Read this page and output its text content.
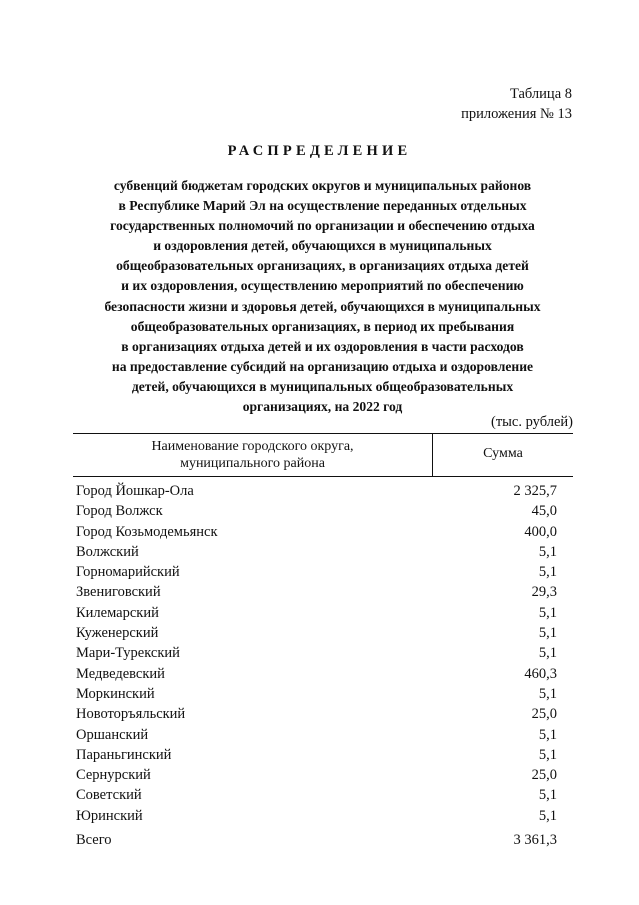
Таблица 8
приложения № 13
РАСПРЕДЕЛЕНИЕ
субвенций бюджетам городских округов и муниципальных районов
в Республике Марий Эл на осуществление переданных отдельных
государственных полномочий по организации и обеспечению отдыха
и оздоровления детей, обучающихся в муниципальных
общеобразовательных организациях, в организациях отдыха детей
и их оздоровления, осуществлению мероприятий по обеспечению
безопасности жизни и здоровья детей, обучающихся в муниципальных
общеобразовательных организациях, в период их пребывания
в организациях отдыха детей и их оздоровления в части расходов
на предоставление субсидий на организацию отдыха и оздоровление
детей, обучающихся в муниципальных общеобразовательных
организациях, на 2022 год
(тыс. рублей)
Наименование городского округа,
муниципального района
Сумма
Город Йошкар-Ола	2 325,7
Город Волжск	45,0
Город Козьмодемьянск	400,0
Волжский	5,1
Горномарийский	5,1
Звениговский	29,3
Килемарский	5,1
Куженерский	5,1
Мари-Турекский	5,1
Медведевский	460,3
Моркинский	5,1
Новоторъяльский	25,0
Оршанский	5,1
Параньгинский	5,1
Сернурский	25,0
Советский	5,1
Юринский	5,1
Всего	3 361,3
